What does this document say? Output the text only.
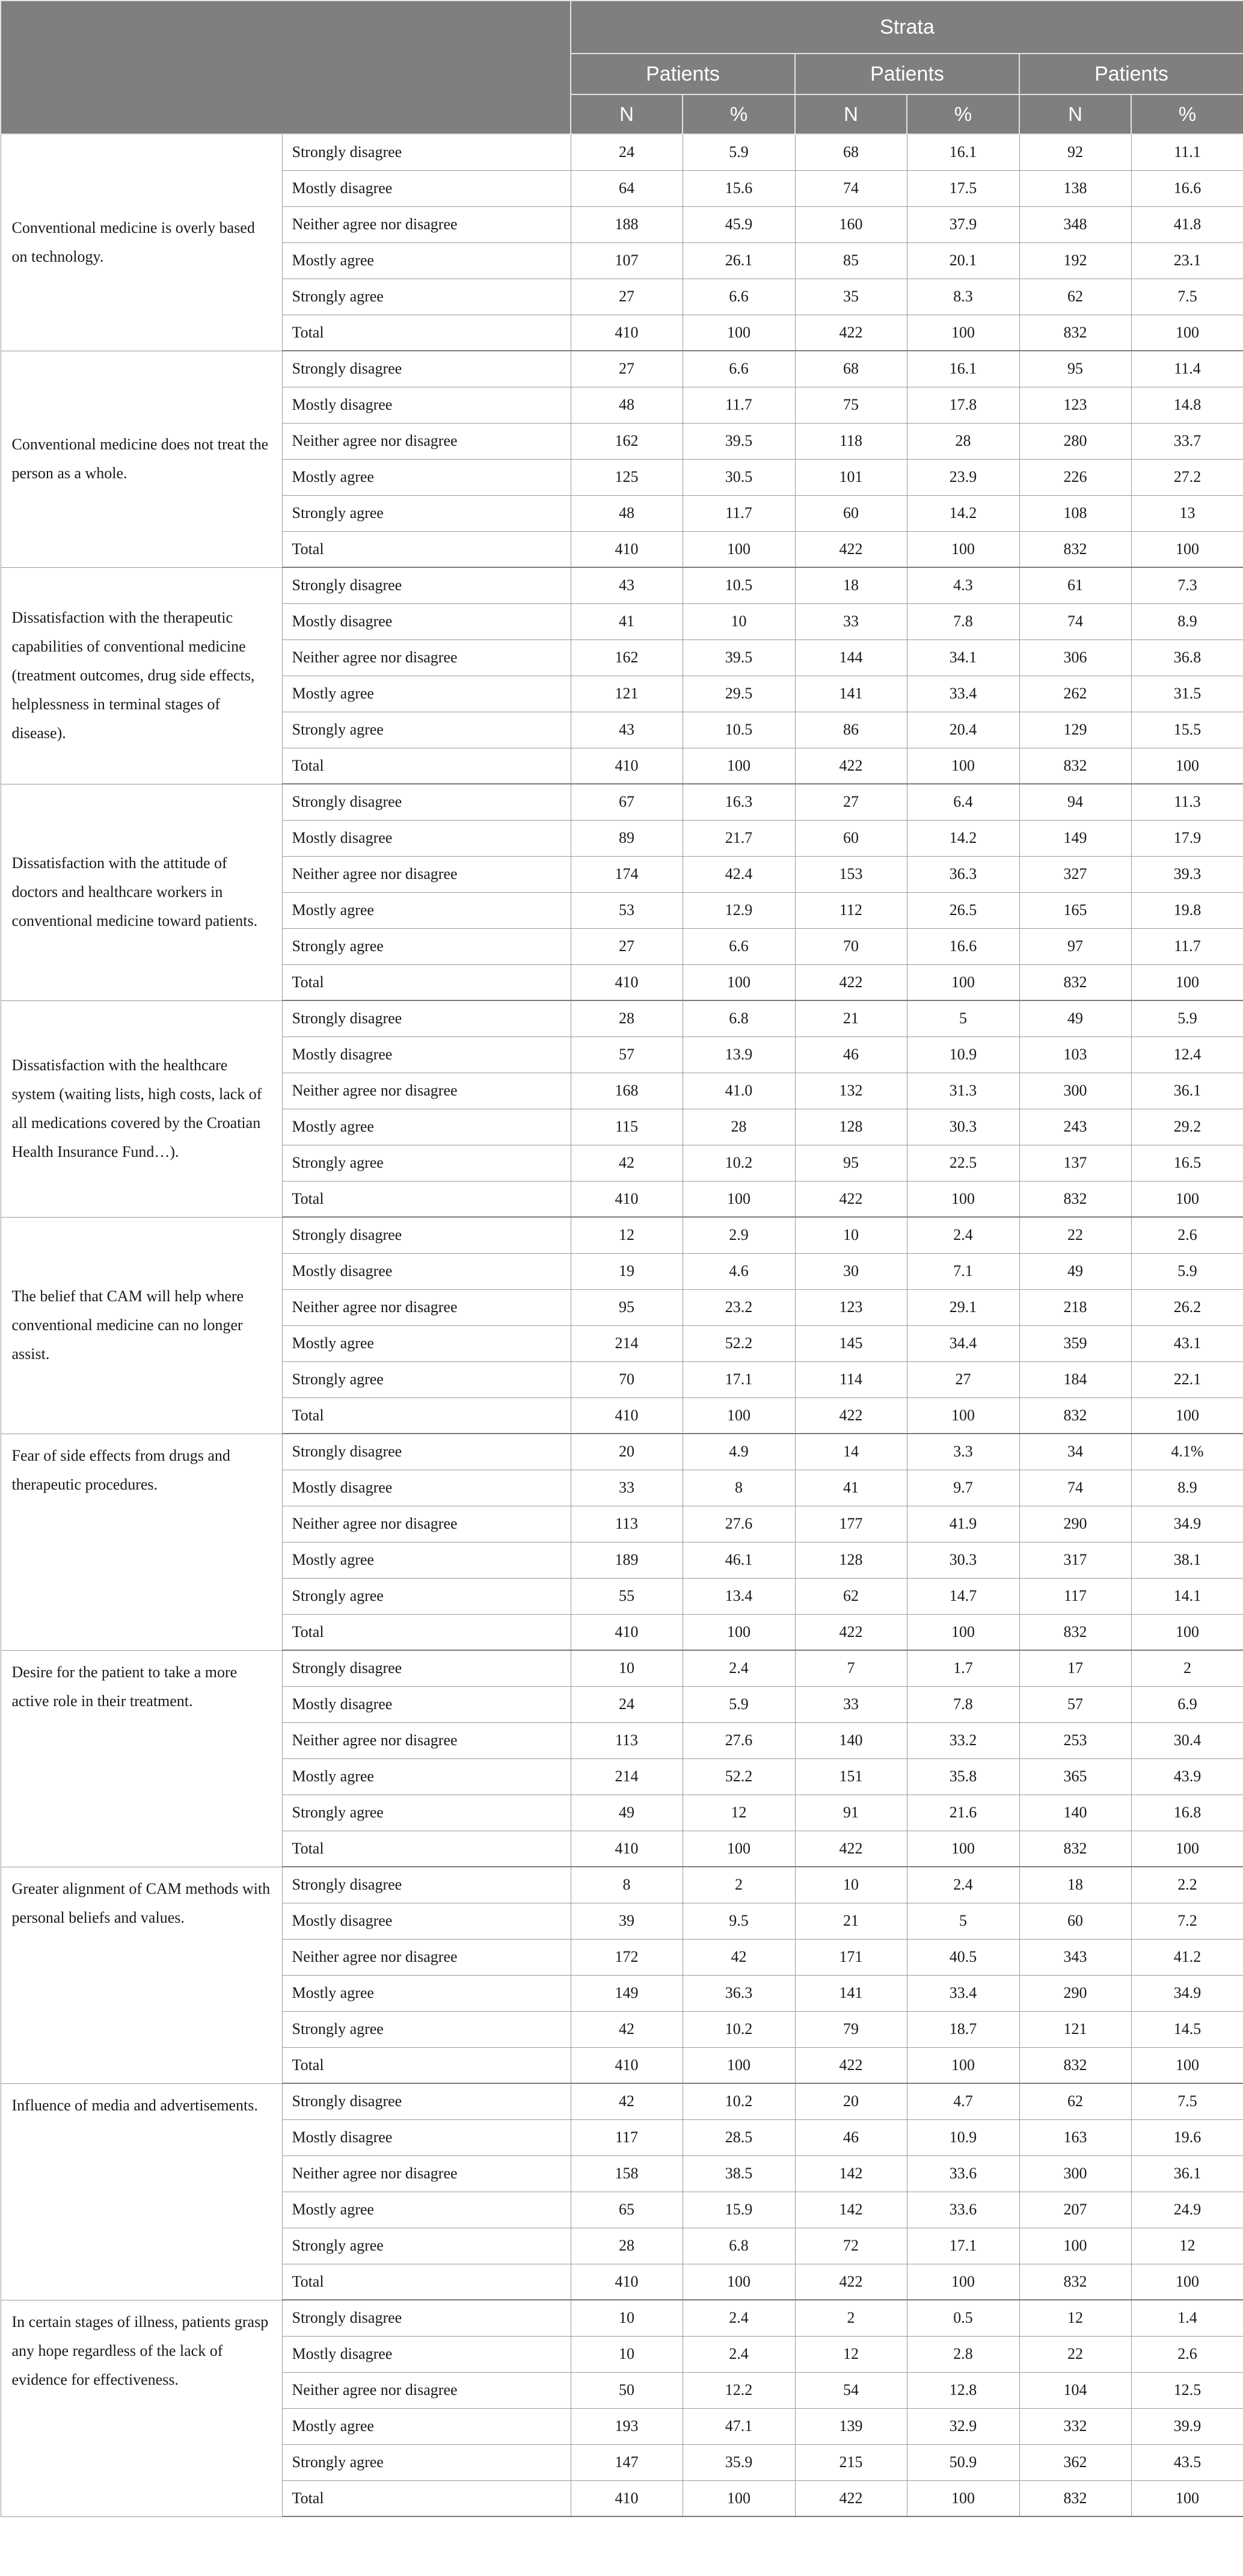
		Strata					
		Patients		Patients		Patients	
		N	%	N	%	N	%
Conventional medicine is overly based on technology.	Strongly disagree	24	5.9	68	16.1	92	11.1
	Mostly disagree	64	15.6	74	17.5	138	16.6
	Neither agree nor disagree	188	45.9	160	37.9	348	41.8
	Mostly agree	107	26.1	85	20.1	192	23.1
	Strongly agree	27	6.6	35	8.3	62	7.5
	Total	410	100	422	100	832	100
Conventional medicine does not treat the person as a whole.	Strongly disagree	27	6.6	68	16.1	95	11.4
	Mostly disagree	48	11.7	75	17.8	123	14.8
	Neither agree nor disagree	162	39.5	118	28	280	33.7
	Mostly agree	125	30.5	101	23.9	226	27.2
	Strongly agree	48	11.7	60	14.2	108	13
	Total	410	100	422	100	832	100
Dissatisfaction with the therapeutic capabilities of conventional medicine (treatment outcomes, drug side effects, helplessness in terminal stages of disease).	Strongly disagree	43	10.5	18	4.3	61	7.3
	Mostly disagree	41	10	33	7.8	74	8.9
	Neither agree nor disagree	162	39.5	144	34.1	306	36.8
	Mostly agree	121	29.5	141	33.4	262	31.5
	Strongly agree	43	10.5	86	20.4	129	15.5
	Total	410	100	422	100	832	100
Dissatisfaction with the attitude of doctors and healthcare workers in conventional medicine toward patients.	Strongly disagree	67	16.3	27	6.4	94	11.3
	Mostly disagree	89	21.7	60	14.2	149	17.9
	Neither agree nor disagree	174	42.4	153	36.3	327	39.3
	Mostly agree	53	12.9	112	26.5	165	19.8
	Strongly agree	27	6.6	70	16.6	97	11.7
	Total	410	100	422	100	832	100
Dissatisfaction with the healthcare system (waiting lists, high costs, lack of all medications covered by the Croatian Health Insurance Fund…).	Strongly disagree	28	6.8	21	5	49	5.9
	Mostly disagree	57	13.9	46	10.9	103	12.4
	Neither agree nor disagree	168	41.0	132	31.3	300	36.1
	Mostly agree	115	28	128	30.3	243	29.2
	Strongly agree	42	10.2	95	22.5	137	16.5
	Total	410	100	422	100	832	100
The belief that CAM will help where conventional medicine can no longer assist.	Strongly disagree	12	2.9	10	2.4	22	2.6
	Mostly disagree	19	4.6	30	7.1	49	5.9
	Neither agree nor disagree	95	23.2	123	29.1	218	26.2
	Mostly agree	214	52.2	145	34.4	359	43.1
	Strongly agree	70	17.1	114	27	184	22.1
	Total	410	100	422	100	832	100
Fear of side effects from drugs and therapeutic procedures.	Strongly disagree	20	4.9	14	3.3	34	4.1%
	Mostly disagree	33	8	41	9.7	74	8.9
	Neither agree nor disagree	113	27.6	177	41.9	290	34.9
	Mostly agree	189	46.1	128	30.3	317	38.1
	Strongly agree	55	13.4	62	14.7	117	14.1
	Total	410	100	422	100	832	100
Desire for the patient to take a more active role in their treatment.	Strongly disagree	10	2.4	7	1.7	17	2
	Mostly disagree	24	5.9	33	7.8	57	6.9
	Neither agree nor disagree	113	27.6	140	33.2	253	30.4
	Mostly agree	214	52.2	151	35.8	365	43.9
	Strongly agree	49	12	91	21.6	140	16.8
	Total	410	100	422	100	832	100
Greater alignment of CAM methods with personal beliefs and values.	Strongly disagree	8	2	10	2.4	18	2.2
	Mostly disagree	39	9.5	21	5	60	7.2
	Neither agree nor disagree	172	42	171	40.5	343	41.2
	Mostly agree	149	36.3	141	33.4	290	34.9
	Strongly agree	42	10.2	79	18.7	121	14.5
	Total	410	100	422	100	832	100
Influence of media and advertisements.	Strongly disagree	42	10.2	20	4.7	62	7.5
	Mostly disagree	117	28.5	46	10.9	163	19.6
	Neither agree nor disagree	158	38.5	142	33.6	300	36.1
	Mostly agree	65	15.9	142	33.6	207	24.9
	Strongly agree	28	6.8	72	17.1	100	12
	Total	410	100	422	100	832	100
In certain stages of illness, patients grasp any hope regardless of the lack of evidence for effectiveness.	Strongly disagree	10	2.4	2	0.5	12	1.4
	Mostly disagree	10	2.4	12	2.8	22	2.6
	Neither agree nor disagree	50	12.2	54	12.8	104	12.5
	Mostly agree	193	47.1	139	32.9	332	39.9
	Strongly agree	147	35.9	215	50.9	362	43.5
	Total	410	100	422	100	832	100
